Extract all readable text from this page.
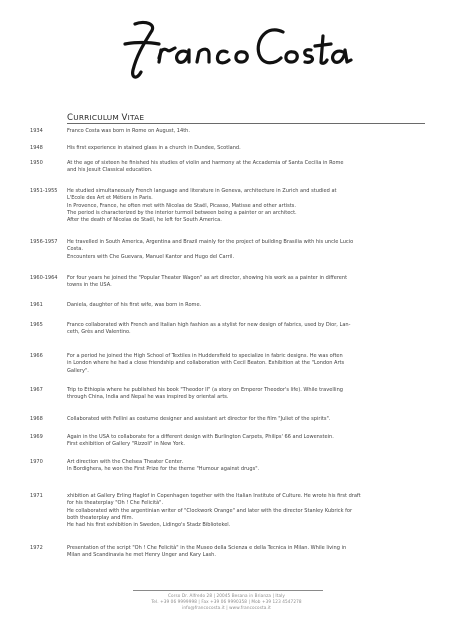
CURRICULUM VITAE
1934	Franco Costa was born in Rome on August, 14th.
1948	His first experience in stained glass in a church in Dundee, Scotland.
1950	At the age of sixteen he finished his studies of violin and harmony at the Accademia of Santa Cecilia in Rome
and his Jesuit Classical education.
1951-1955	He studied simultaneously French language and literature in Geneva, architecture in Zurich and studied at
L'Ecole des Art et Métiers in Paris.
In Provence, France, he often met with Nicolas de Staël, Picasso, Matisse and other artists.
The period is characterized by the interior turmoil between being a painter or an architect.
After the death of Nicolas de Staël, he left for South America.
1956-1957	He travelled in South America, Argentina and Brazil mainly for the project of building Brasilia with his uncle Lucio
Costa.
Encounters with Che Guevara, Manuel Kantor and Hugo del Carril.
1960-1964	For four years he joined the "Popular Theater Wagon" as art director, showing his work as a painter in different
towns in the USA.
1961	Daniela, daughter of his first wife, was born in Rome.
1965	Franco collaborated with French and Italian high fashion as a stylist for new design of fabrics, used by Dior, Lan-
ceth, Grès and Valentino.
1966	For a period he joined the High School of Textiles in Huddersfield to specialize in fabric designs. He was often
in London where he had a close friendship and collaboration with Cecil Beaton. Exhibition at the "London Arts
Gallery".
1967	Trip to Ethiopia where he published his book "Theodor II" (a story on Emperor Theodor's life). While travelling
through China, India and Nepal he was inspired by oriental arts.
1968	Collaborated with Fellini as costume designer and assistant art director for the film "Juliet of the spirits".
1969	Again in the USA to collaborate for a different design with Burlington Carpets, Philips' 66 and Lowenstein.
First exhibition of Gallery "Rizzoli" in New York.
1970	Art direction with the Chelsea Theater Center.
In Bordighera, he won the First Prize for the theme "Humour against drugs".
1971	xhibition at Gallery Erling Haglof in Copenhagen together with the Italian Institute of Culture. He wrote his first draft
for his theaterplay "Oh ! Che Felicità".
He collaborated with the argentinian writer of "Clockwork Orange" and later with the director Stanley Kubrick for
both theaterplay and film.
He had his first exhibition in Sweden, Lidingo's Stadz Bibliotekel.
1972	Presentation of the script "Oh ! Che Felicità" in the Museo della Scienza e della Tecnica in Milan. While living in
Milan and Scandinavia he met Henry Unger and Kary Lash.
Corso Dr. Alfredo 28 | 20045 Besana in Brianza | Italy
Tel. +39 06 9999998 | Fax +39 06 9990358 | Mob +39 123 4547278
info@francocosta.it | www.francocosta.it
